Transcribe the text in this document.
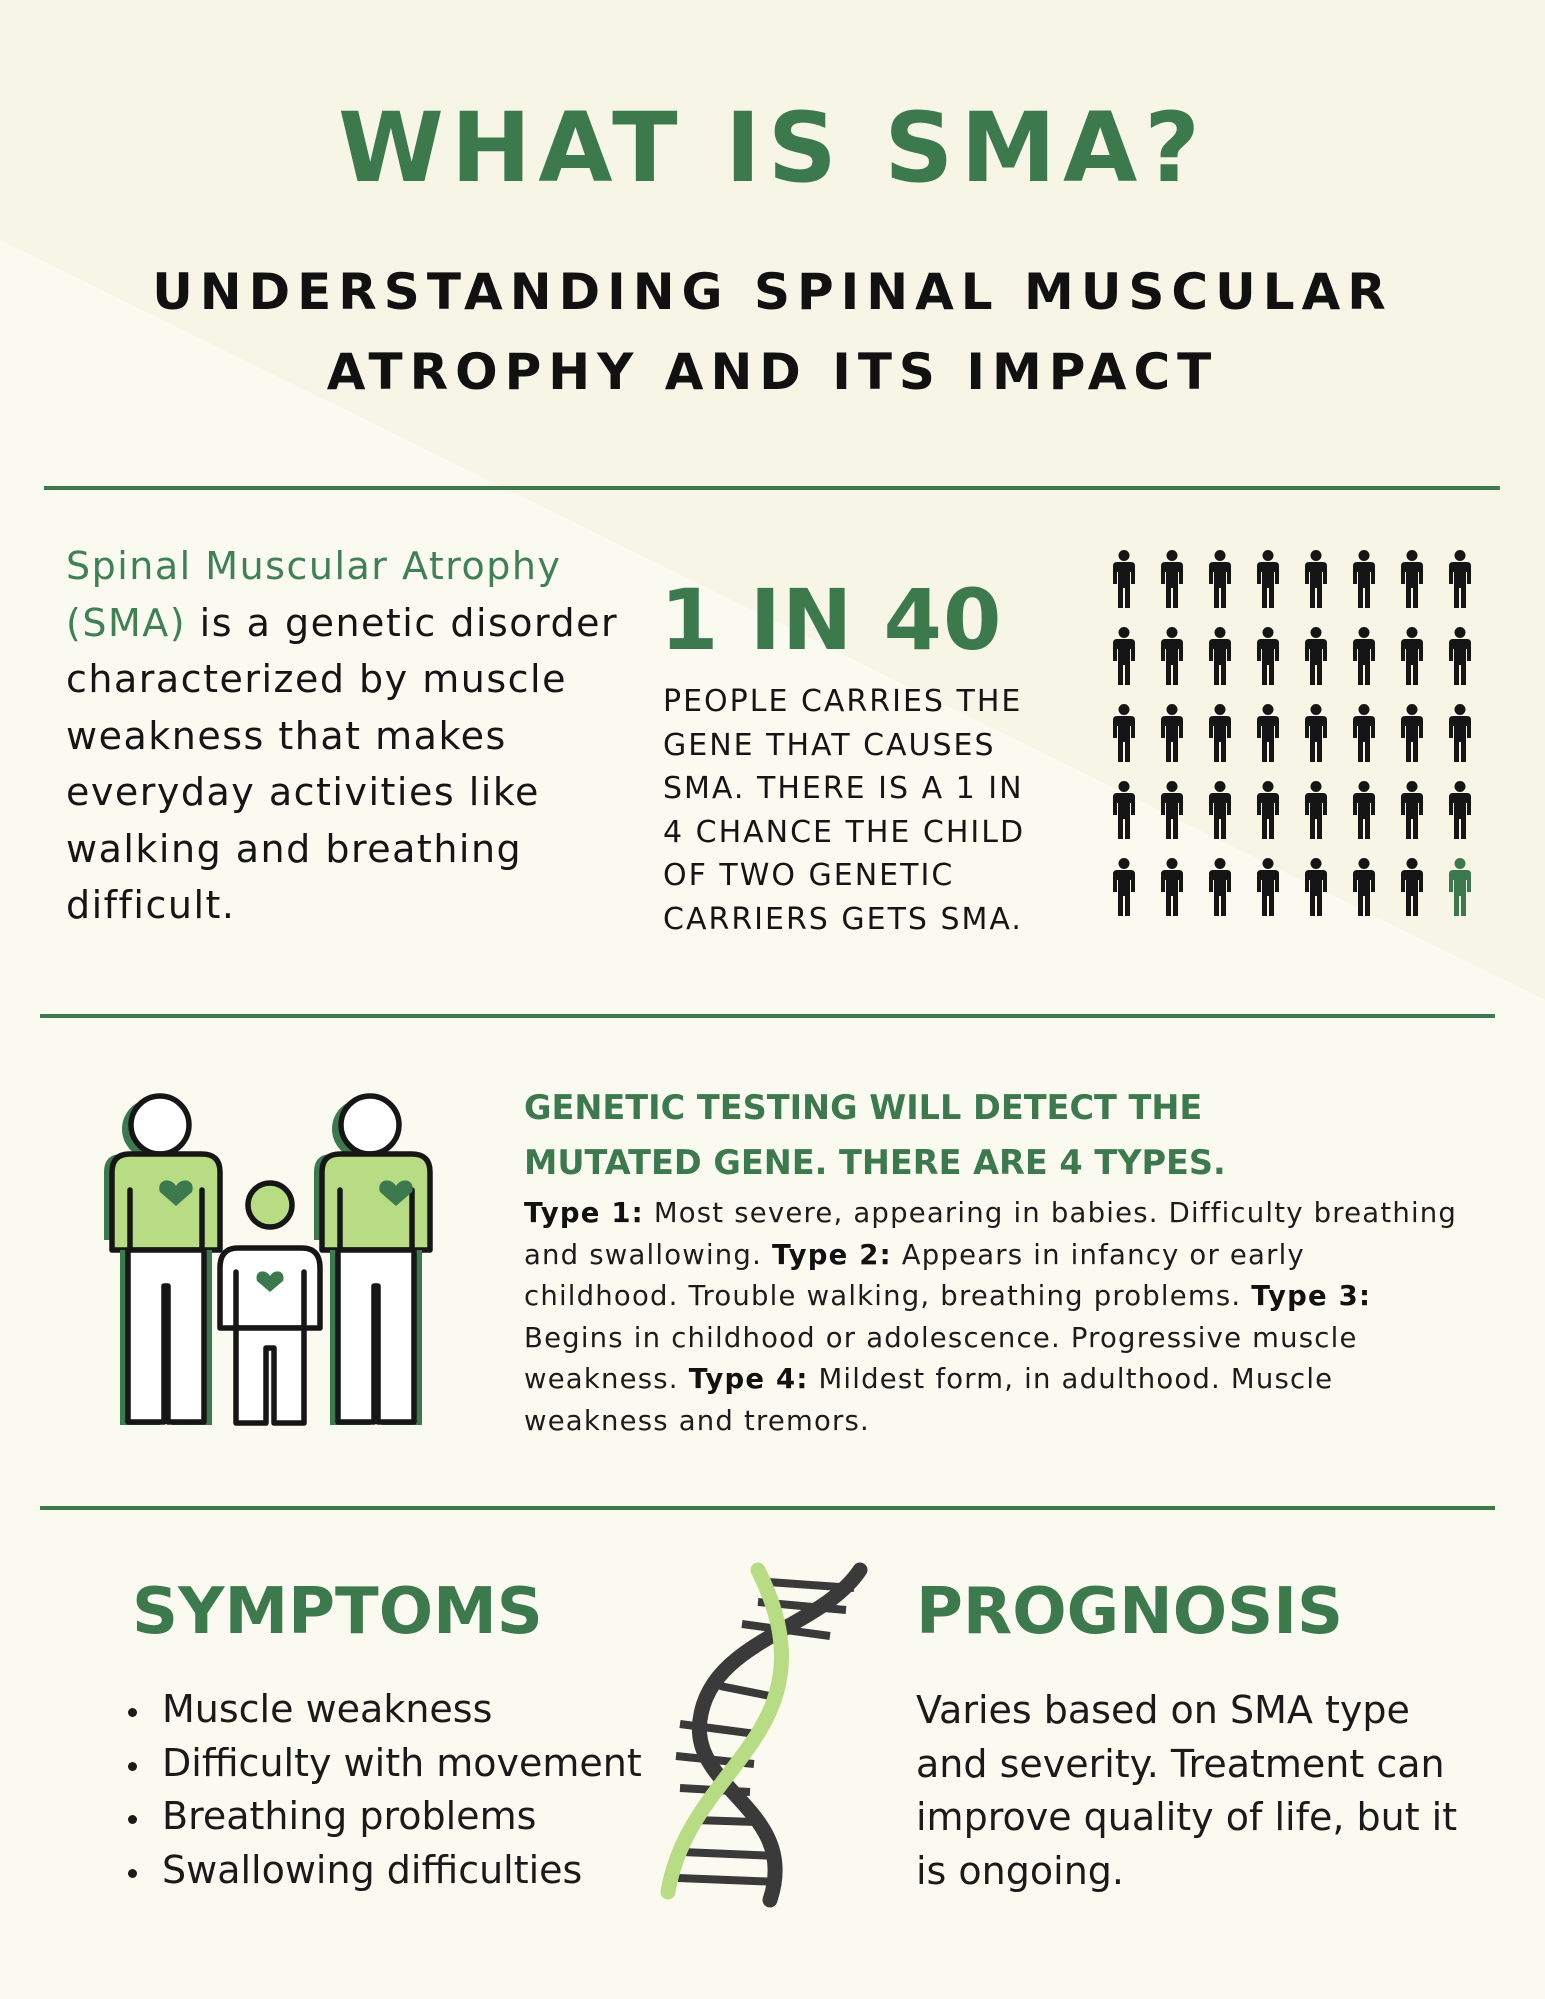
WHAT IS SMA?
UNDERSTANDING SPINAL MUSCULAR
ATROPHY AND ITS IMPACT
Spinal Muscular Atrophy (SMA) is a genetic disorder characterized by muscle weakness that makes everyday activities like walking and breathing difficult.
1 IN 40
PEOPLE CARRIES THE
GENE THAT CAUSES
SMA. THERE IS A 1 IN
4 CHANCE THE CHILD
OF TWO GENETIC
CARRIERS GETS SMA.
GENETIC TESTING WILL DETECT THE
MUTATED GENE. THERE ARE 4 TYPES.
Type 1: Most severe, appearing in babies. Difficulty breathing and swallowing. Type 2: Appears in infancy or early childhood. Trouble walking, breathing problems. Type 3: Begins in childhood or adolescence. Progressive muscle weakness. Type 4: Mildest form, in adulthood. Muscle weakness and tremors.
SYMPTOMS
Muscle weakness
Difficulty with movement
Breathing problems
Swallowing difficulties
PROGNOSIS
Varies based on SMA type and severity. Treatment can improve quality of life, but it is ongoing.
